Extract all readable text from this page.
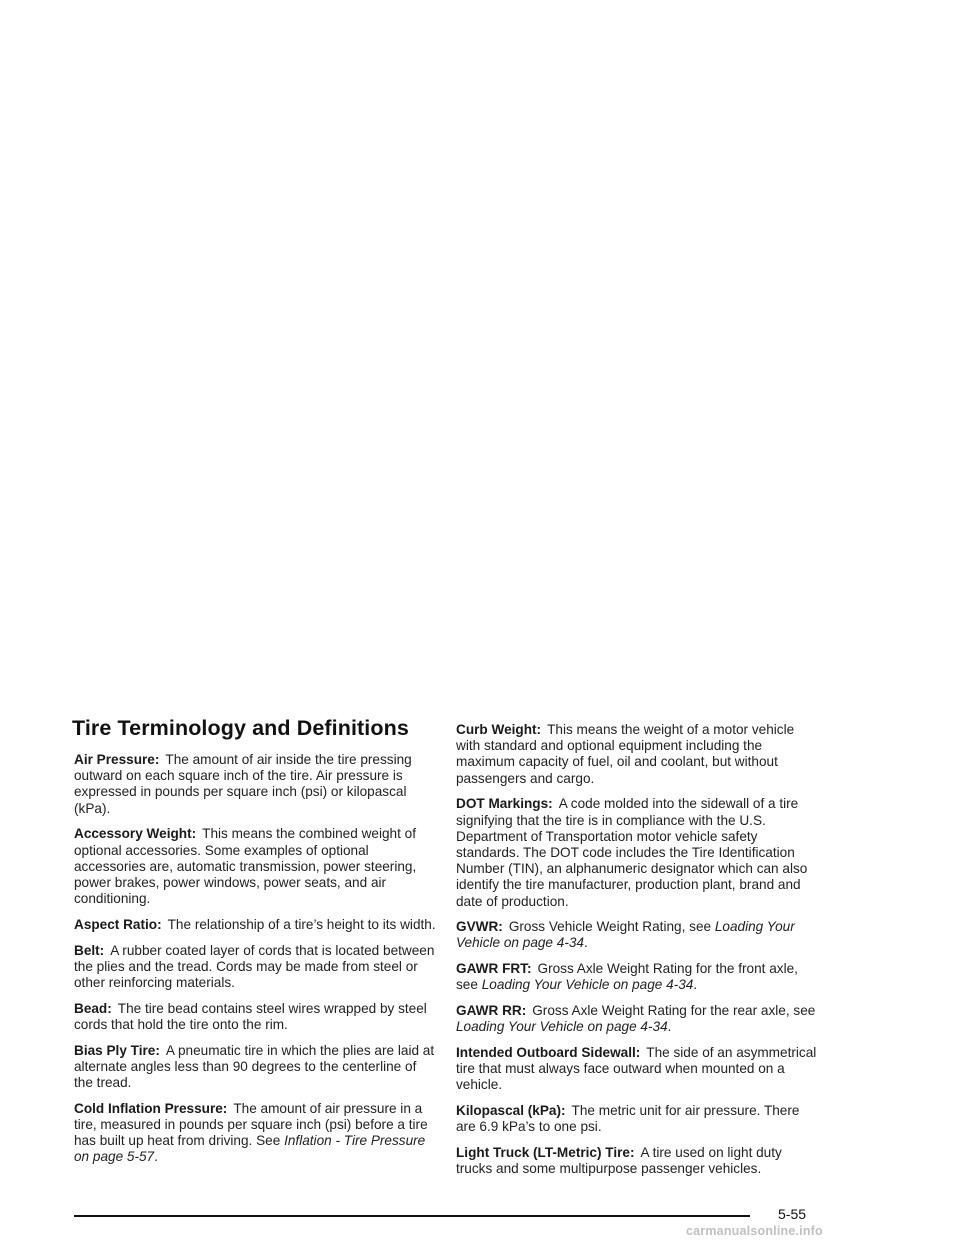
Tire Terminology and Definitions

Air Pressure: The amount of air inside the tire pressing outward on each square inch of the tire. Air pressure is expressed in pounds per square inch (psi) or kilopascal (kPa).

Accessory Weight: This means the combined weight of optional accessories. Some examples of optional accessories are, automatic transmission, power steering, power brakes, power windows, power seats, and air conditioning.

Aspect Ratio: The relationship of a tire’s height to its width.

Belt: A rubber coated layer of cords that is located between the plies and the tread. Cords may be made from steel or other reinforcing materials.

Bead: The tire bead contains steel wires wrapped by steel cords that hold the tire onto the rim.

Bias Ply Tire: A pneumatic tire in which the plies are laid at alternate angles less than 90 degrees to the centerline of the tread.

Cold Inflation Pressure: The amount of air pressure in a tire, measured in pounds per square inch (psi) before a tire has built up heat from driving. See Inflation - Tire Pressure on page 5-57.

Curb Weight: This means the weight of a motor vehicle with standard and optional equipment including the maximum capacity of fuel, oil and coolant, but without passengers and cargo.

DOT Markings: A code molded into the sidewall of a tire signifying that the tire is in compliance with the U.S. Department of Transportation motor vehicle safety standards. The DOT code includes the Tire Identification Number (TIN), an alphanumeric designator which can also identify the tire manufacturer, production plant, brand and date of production.

GVWR: Gross Vehicle Weight Rating, see Loading Your Vehicle on page 4-34.

GAWR FRT: Gross Axle Weight Rating for the front axle, see Loading Your Vehicle on page 4-34.

GAWR RR: Gross Axle Weight Rating for the rear axle, see Loading Your Vehicle on page 4-34.

Intended Outboard Sidewall: The side of an asymmetrical tire that must always face outward when mounted on a vehicle.

Kilopascal (kPa): The metric unit for air pressure. There are 6.9 kPa’s to one psi.

Light Truck (LT-Metric) Tire: A tire used on light duty trucks and some multipurpose passenger vehicles.

5-55
carmanualsonline.info
